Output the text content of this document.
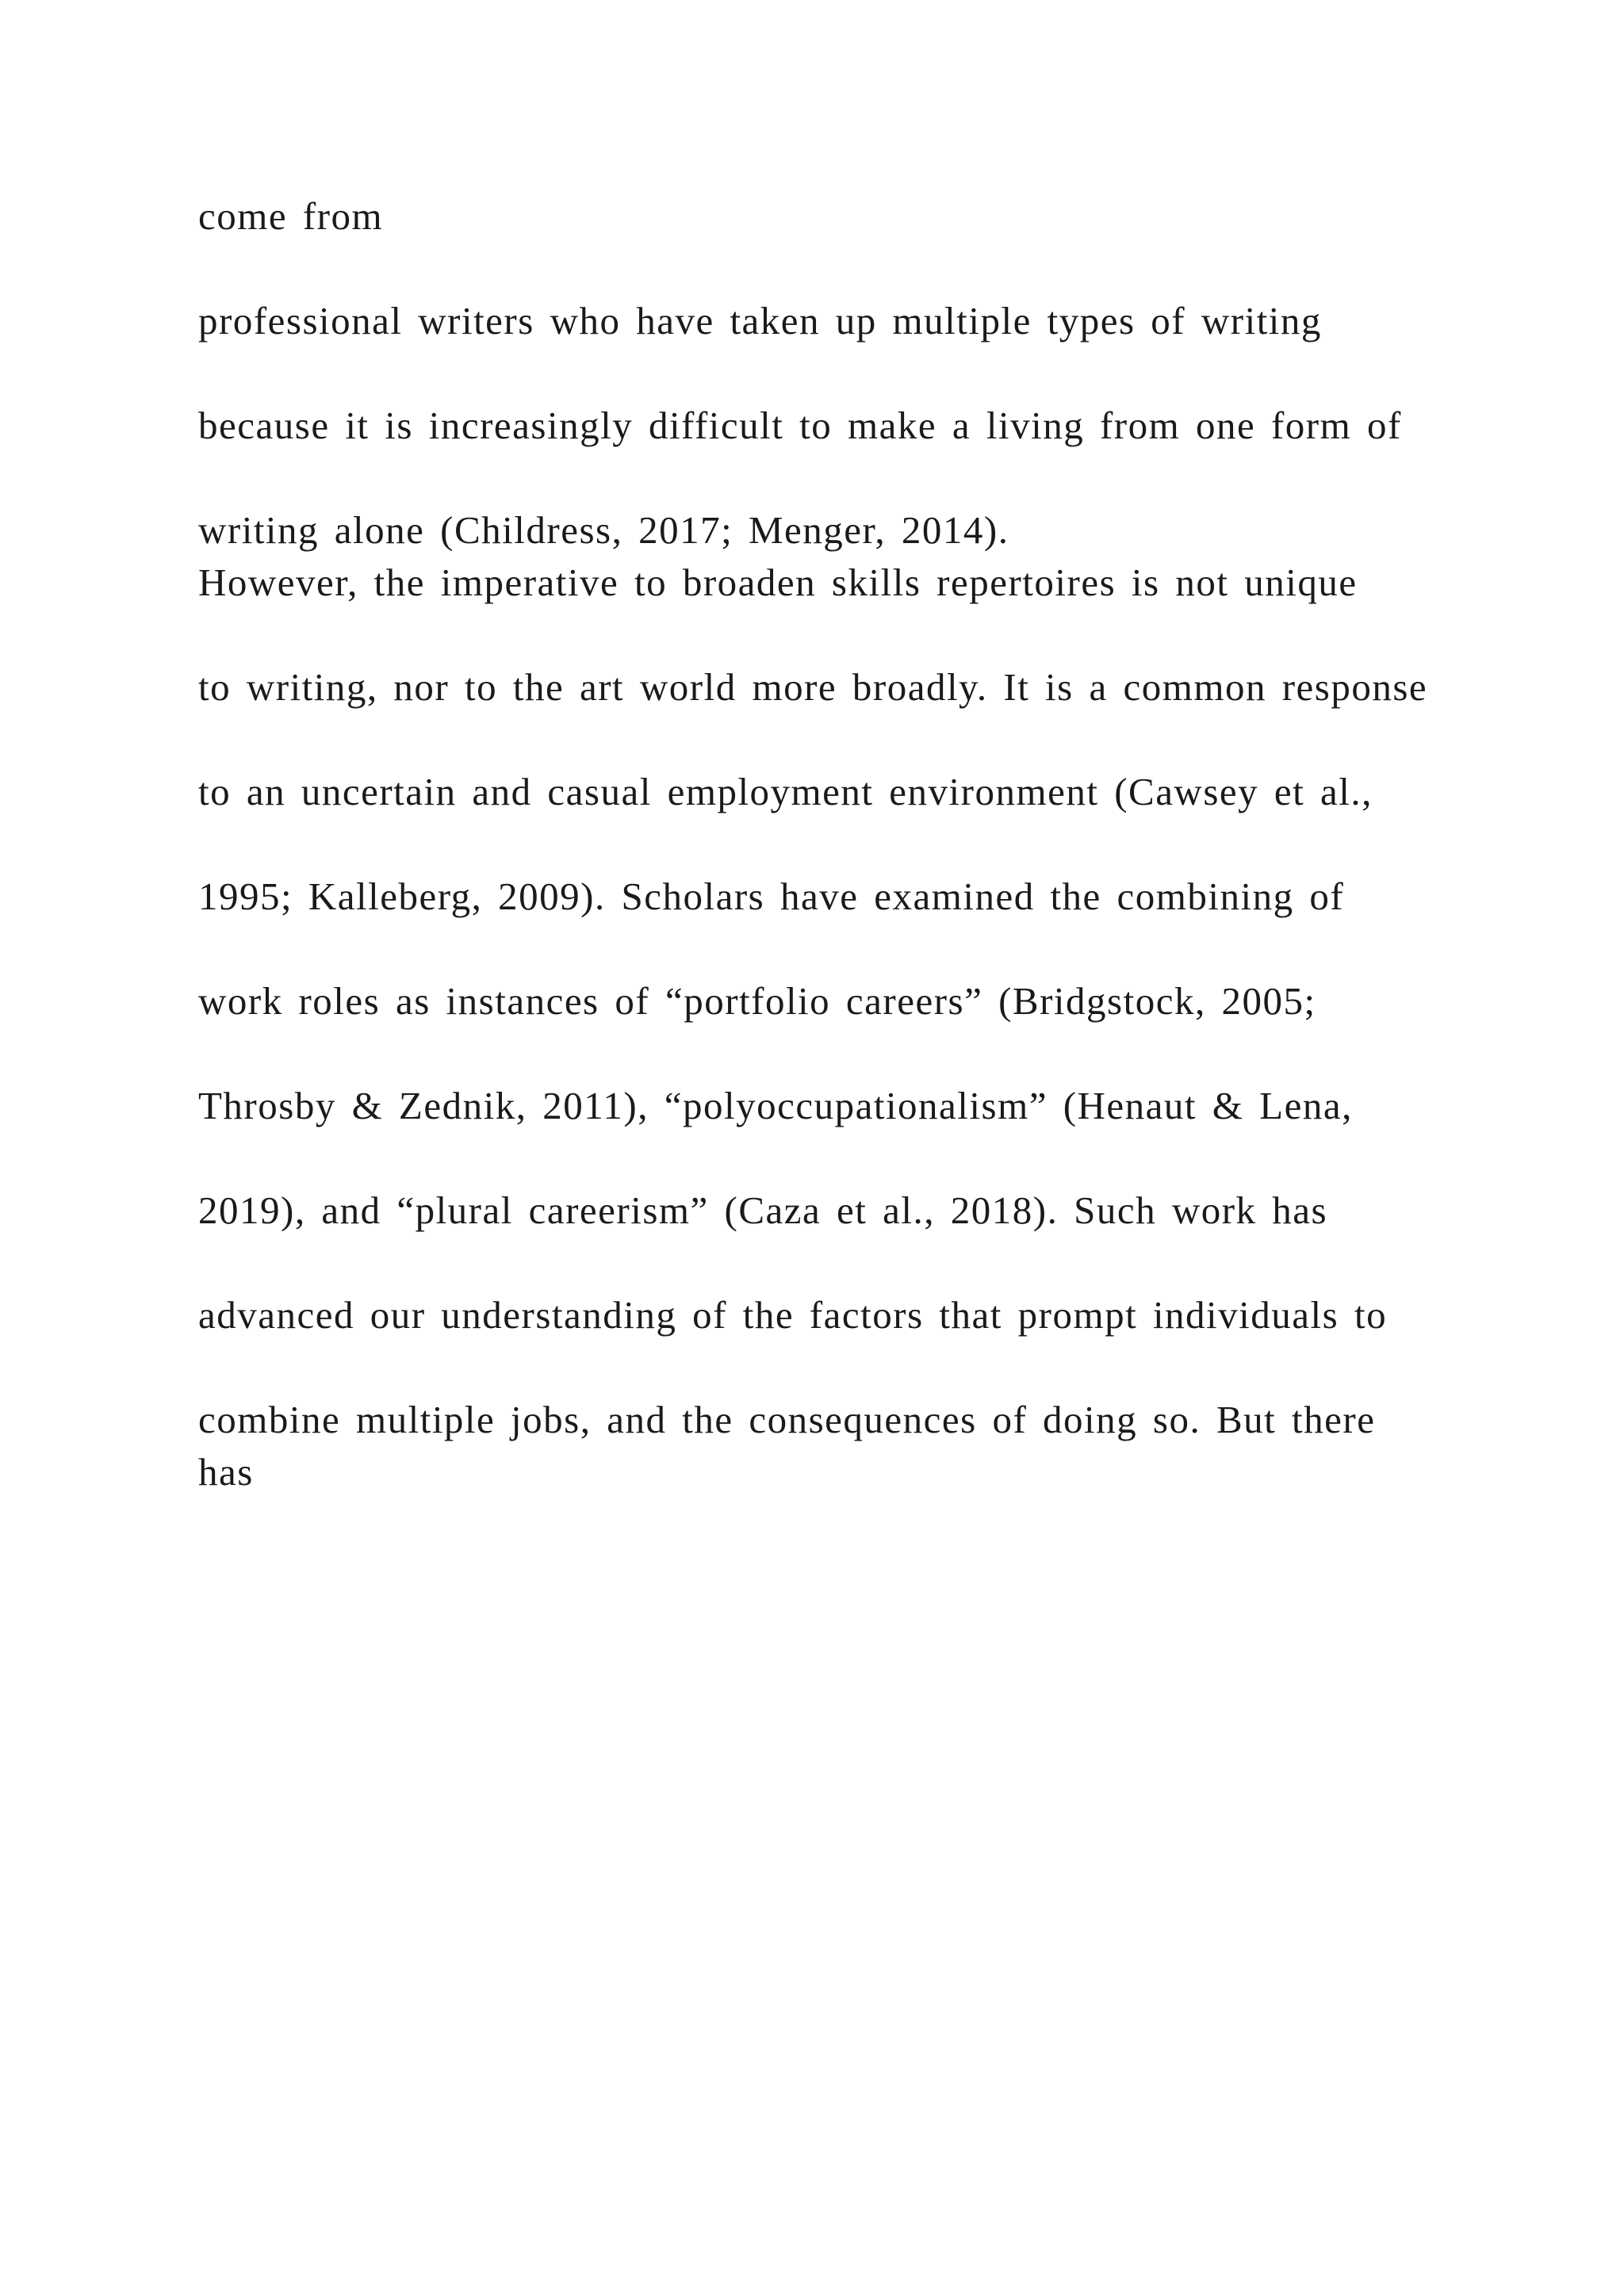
come from
professional writers who have taken up multiple types of writing
because it is increasingly difficult to make a living from one form of
writing alone (Childress, 2017; Menger, 2014).
However, the imperative to broaden skills repertoires is not unique
to writing, nor to the art world more broadly. It is a common response
to an uncertain and casual employment environment (Cawsey et al.,
1995; Kalleberg, 2009). Scholars have examined the combining of
work roles as instances of “portfolio careers” (Bridgstock, 2005;
Throsby & Zednik, 2011), “polyoccupationalism” (Henaut & Lena,
2019), and “plural careerism” (Caza et al., 2018). Such work has
advanced our understanding of the factors that prompt individuals to
combine multiple jobs, and the consequences of doing so. But there has
